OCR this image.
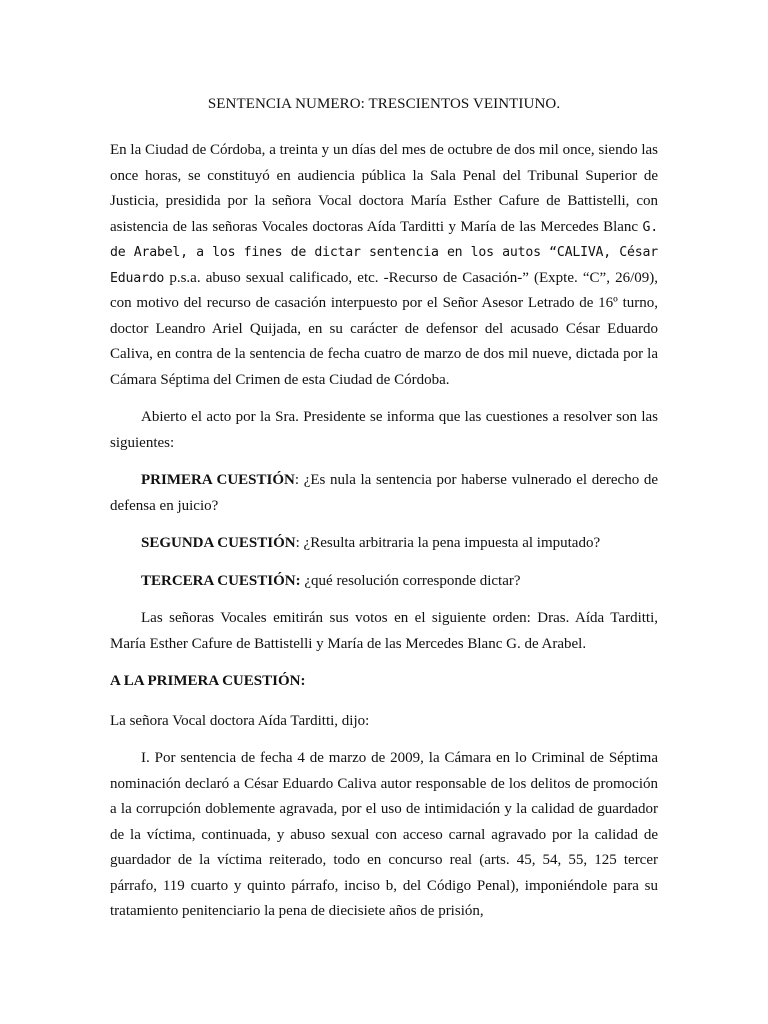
SENTENCIA NUMERO: TRESCIENTOS VEINTIUNO.

En la Ciudad de Córdoba, a treinta y un días del mes de octubre de dos mil once, siendo las once horas, se constituyó en audiencia pública la Sala Penal del Tribunal Superior de Justicia, presidida por la señora Vocal doctora María Esther Cafure de Battistelli, con asistencia de las señoras Vocales doctoras Aída Tarditti y María de las Mercedes Blanc G. de Arabel, a los fines de dictar sentencia en los autos “CALIVA, César Eduardo p.s.a. abuso sexual calificado, etc. -Recurso de Casación-” (Expte. “C”, 26/09), con motivo del recurso de casación interpuesto por el Señor Asesor Letrado de 16º turno, doctor Leandro Ariel Quijada, en su carácter de defensor del acusado César Eduardo Caliva, en contra de la sentencia de fecha cuatro de marzo de dos mil nueve, dictada por la Cámara Séptima del Crimen de esta Ciudad de Córdoba.

Abierto el acto por la Sra. Presidente se informa que las cuestiones a resolver son las siguientes:

PRIMERA CUESTIÓN: ¿Es nula la sentencia por haberse vulnerado el derecho de defensa en juicio?

SEGUNDA CUESTIÓN: ¿Resulta arbitraria la pena impuesta al imputado?

TERCERA CUESTIÓN: ¿qué resolución corresponde dictar?

Las señoras Vocales emitirán sus votos en el siguiente orden: Dras. Aída Tarditti, María Esther Cafure de Battistelli y María de las Mercedes Blanc G. de Arabel.

A LA PRIMERA CUESTIÓN:

La señora Vocal doctora Aída Tarditti, dijo:

I. Por sentencia de fecha 4 de marzo de 2009, la Cámara en lo Criminal de Séptima nominación declaró a César Eduardo Caliva autor responsable de los delitos de promoción a la corrupción doblemente agravada, por el uso de intimidación y la calidad de guardador de la víctima, continuada, y abuso sexual con acceso carnal agravado por la calidad de guardador de la víctima reiterado, todo en concurso real (arts. 45, 54, 55, 125 tercer párrafo, 119 cuarto y quinto párrafo, inciso b, del Código Penal), imponiéndole para su tratamiento penitenciario la pena de diecisiete años de prisión,
